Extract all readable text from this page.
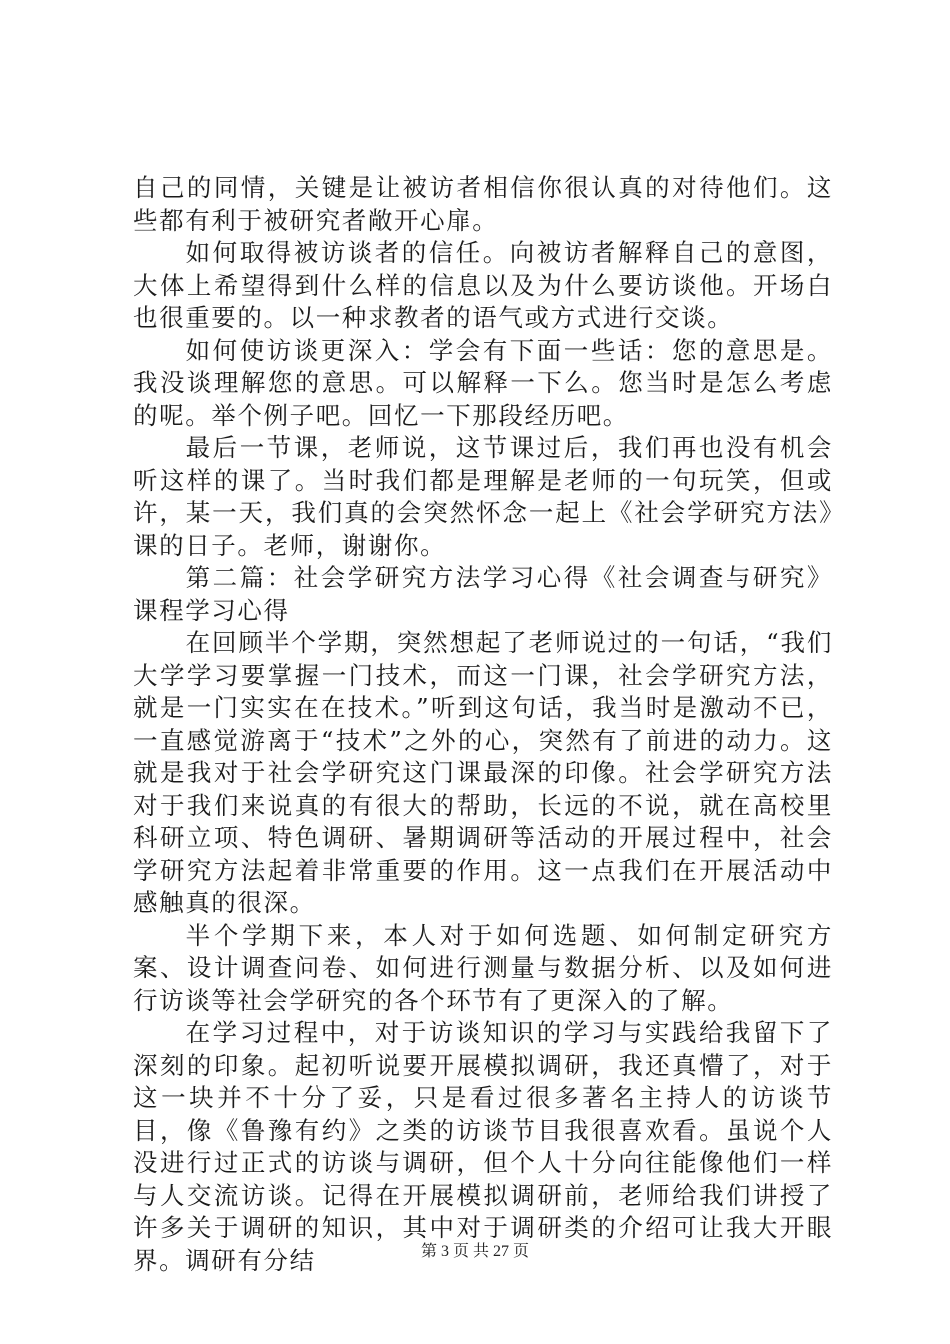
自己的同情，关键是让被访者相信你很认真的对待他们。这些都有利于被研究者敞开心扉。

如何取得被访谈者的信任。向被访者解释自己的意图，大体上希望得到什么样的信息以及为什么要访谈他。开场白也很重要的。以一种求教者的语气或方式进行交谈。

如何使访谈更深入：学会有下面一些话：您的意思是。我没谈理解您的意思。可以解释一下么。您当时是怎么考虑的呢。举个例子吧。回忆一下那段经历吧。

最后一节课，老师说，这节课过后，我们再也没有机会听这样的课了。当时我们都是理解是老师的一句玩笑，但或许，某一天，我们真的会突然怀念一起上《社会学研究方法》课的日子。老师，谢谢你。

第二篇：社会学研究方法学习心得《社会调查与研究》课程学习心得

在回顾半个学期，突然想起了老师说过的一句话，“我们大学学习要掌握一门技术，而这一门课，社会学研究方法，就是一门实实在在技术。”听到这句话，我当时是激动不已，一直感觉游离于“技术”之外的心，突然有了前进的动力。这就是我对于社会学研究这门课最深的印像。社会学研究方法对于我们来说真的有很大的帮助，长远的不说，就在高校里科研立项、特色调研、暑期调研等活动的开展过程中，社会学研究方法起着非常重要的作用。这一点我们在开展活动中感触真的很深。

半个学期下来，本人对于如何选题、如何制定研究方案、设计调查问卷、如何进行测量与数据分析、以及如何进行访谈等社会学研究的各个环节有了更深入的了解。

在学习过程中，对于访谈知识的学习与实践给我留下了深刻的印象。起初听说要开展模拟调研，我还真懵了，对于这一块并不十分了妥，只是看过很多著名主持人的访谈节目，像《鲁豫有约》之类的访谈节目我很喜欢看。虽说个人没进行过正式的访谈与调研，但个人十分向往能像他们一样与人交流访谈。记得在开展模拟调研前，老师给我们讲授了许多关于调研的知识，其中对于调研类的介绍可让我大开眼界。调研有分结	第 3 页 共 27 页
